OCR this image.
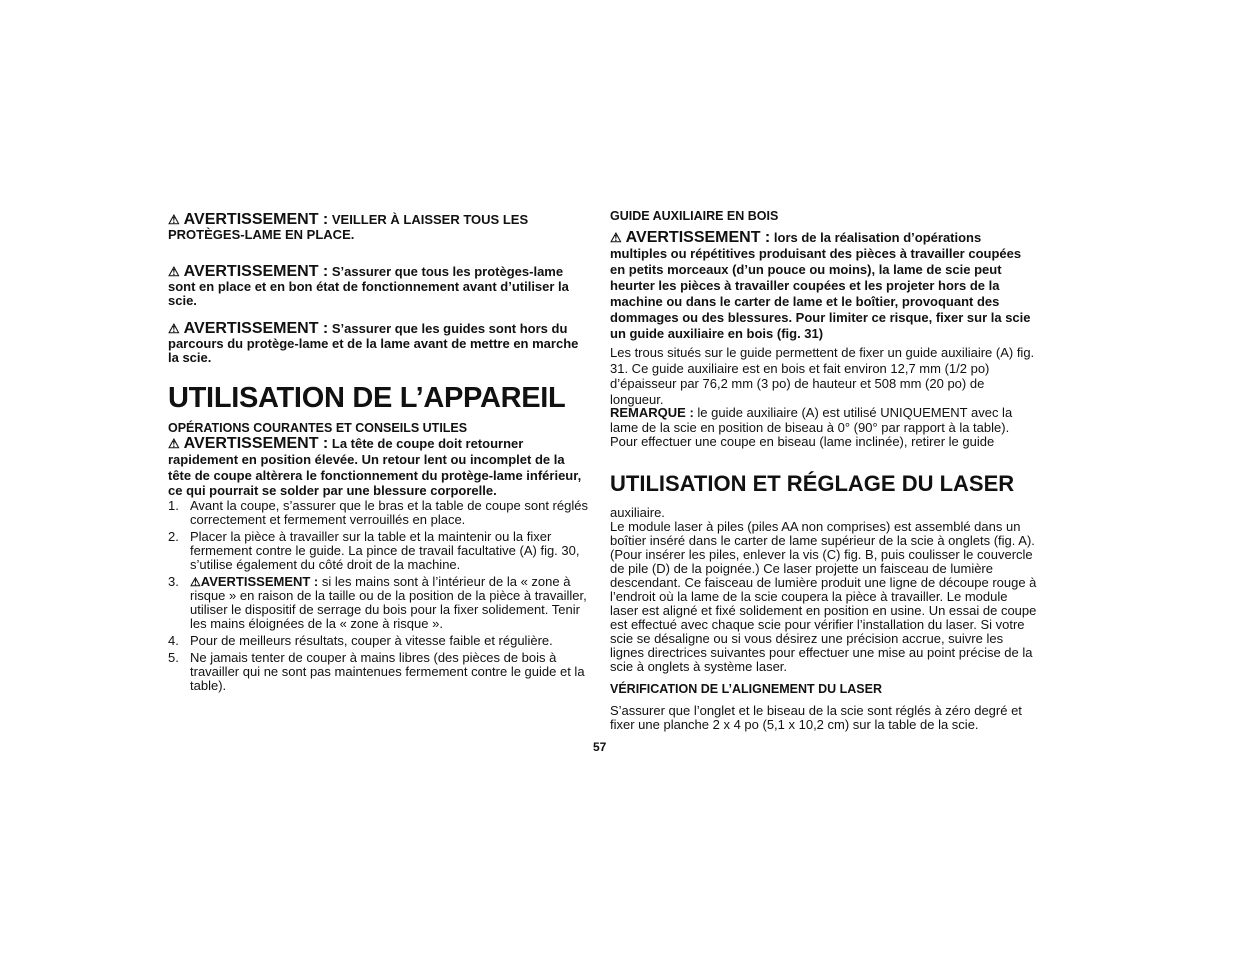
⚠ AVERTISSEMENT : VEILLER À LAISSER TOUS LES PROTÈGES-LAME EN PLACE.
⚠ AVERTISSEMENT : S’assurer que tous les protèges-lame sont en place et en bon état de fonctionnement avant d’utiliser la scie.
⚠ AVERTISSEMENT : S’assurer que les guides sont hors du parcours du protège-lame et de la lame avant de mettre en marche la scie.
UTILISATION DE L’APPAREIL
OPÉRATIONS COURANTES ET CONSEILS UTILES
⚠ AVERTISSEMENT : La tête de coupe doit retourner rapidement en position élevée. Un retour lent ou incomplet de la tête de coupe altèrera le fonctionnement du protège-lame inférieur, ce qui pourrait se solder par une blessure corporelle.
1. Avant la coupe, s’assurer que le bras et la table de coupe sont réglés correctement et fermement verrouillés en place.
2. Placer la pièce à travailler sur la table et la maintenir ou la fixer fermement contre le guide. La pince de travail facultative (A) fig. 30, s’utilise également du côté droit de la machine.
3. ⚠AVERTISSEMENT : si les mains sont à l’intérieur de la « zone à risque » en raison de la taille ou de la position de la pièce à travailler, utiliser le dispositif de serrage du bois pour la fixer solidement. Tenir les mains éloignées de la « zone à risque ».
4. Pour de meilleurs résultats, couper à vitesse faible et régulière.
5. Ne jamais tenter de couper à mains libres (des pièces de bois à travailler qui ne sont pas maintenues fermement contre le guide et la table).
GUIDE AUXILIAIRE EN BOIS
⚠ AVERTISSEMENT : lors de la réalisation d’opérations multiples ou répétitives produisant des pièces à travailler coupées en petits morceaux (d’un pouce ou moins), la lame de scie peut heurter les pièces à travailler coupées et les projeter hors de la machine ou dans le carter de lame et le boîtier, provoquant des dommages ou des blessures. Pour limiter ce risque, fixer sur la scie un guide auxiliaire en bois (fig. 31)

Les trous situés sur le guide permettent de fixer un guide auxiliaire (A) fig. 31. Ce guide auxiliaire est en bois et fait environ 12,7 mm (1/2 po) d’épaisseur par 76,2 mm (3 po) de hauteur et 508 mm (20 po) de longueur.

REMARQUE : le guide auxiliaire (A) est utilisé UNIQUEMENT avec la lame de la scie en position de biseau à 0° (90° par rapport à la table). Pour effectuer une coupe en biseau (lame inclinée), retirer le guide

UTILISATION ET RÉGLAGE DU LASER

auxiliaire.

Le module laser à piles (piles AA non comprises) est assemblé dans un boîtier inséré dans le carter de lame supérieur de la scie à onglets (fig. A). (Pour insérer les piles, enlever la vis (C) fig. B, puis coulisser le couvercle de pile (D) de la poignée.) Ce laser projette un faisceau de lumière descendant. Ce faisceau de lumière produit une ligne de découpe rouge à l’endroit où la lame de la scie coupera la pièce à travailler. Le module laser est aligné et fixé solidement en position en usine. Un essai de coupe est effectué avec chaque scie pour vérifier l’installation du laser. Si votre scie se désaligne ou si vous désirez une précision accrue, suivre les lignes directrices suivantes pour effectuer une mise au point précise de la scie à onglets à système laser.

VÉRIFICATION DE L’ALIGNEMENT DU LASER

S’assurer que l’onglet et le biseau de la scie sont réglés à zéro degré et fixer une planche 2 x 4 po (5,1 x 10,2 cm) sur la table de la scie.

57
